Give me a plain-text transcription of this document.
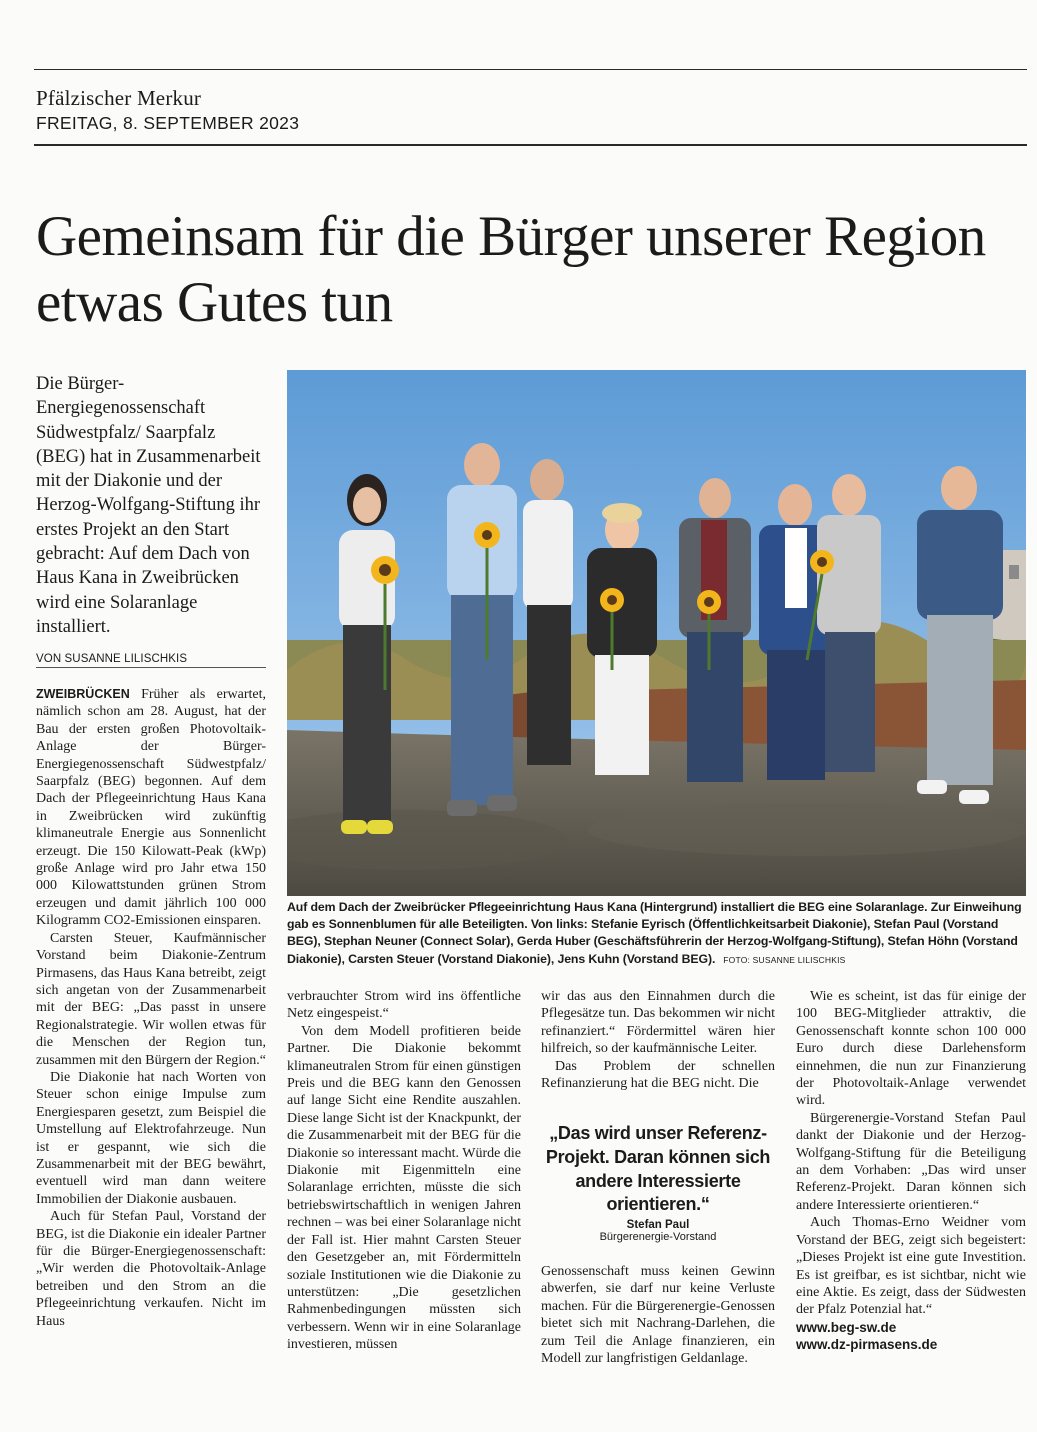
Pfälzischer Merkur
FREITAG, 8. SEPTEMBER 2023
Gemeinsam für die Bürger unserer Region etwas Gutes tun
Die Bürger-Energiegenossenschaft Südwestpfalz/ Saarpfalz (BEG) hat in Zusammenarbeit mit der Diakonie und der Herzog-Wolfgang-Stiftung ihr erstes Projekt an den Start gebracht: Auf dem Dach von Haus Kana in Zweibrücken wird eine Solaranlage installiert.
VON SUSANNE LILISCHKIS

ZWEIBRÜCKEN Früher als erwartet, nämlich schon am 28. August, hat der Bau der ersten großen Photovoltaik-Anlage der Bürger-Energiegenossenschaft Südwestpfalz/ Saarpfalz (BEG) begonnen. Auf dem Dach der Pflegeeinrichtung Haus Kana in Zweibrücken wird zukünftig klimaneutrale Energie aus Sonnenlicht erzeugt. Die 150 Kilowatt-Peak (kWp) große Anlage wird pro Jahr etwa 150 000 Kilowattstunden grünen Strom erzeugen und damit jährlich 100 000 Kilogramm CO2-Emissionen einsparen.

Carsten Steuer, Kaufmännischer Vorstand beim Diakonie-Zentrum Pirmasens, das Haus Kana betreibt, zeigt sich angetan von der Zusammenarbeit mit der BEG: „Das passt in unsere Regionalstrategie. Wir wollen etwas für die Menschen der Region tun, zusammen mit den Bürgern der Region.“

Die Diakonie hat nach Worten von Steuer schon einige Impulse zum Energiesparen gesetzt, zum Beispiel die Umstellung auf Elektrofahrzeuge. Nun ist er gespannt, wie sich die Zusammenarbeit mit der BEG bewährt, eventuell wird man dann weitere Immobilien der Diakonie ausbauen.

Auch für Stefan Paul, Vorstand der BEG, ist die Diakonie ein idealer Partner für die Bürger-Energiegenossenschaft: „Wir werden die Photovoltaik-Anlage betreiben und den Strom an die Pflegeeinrichtung verkaufen. Nicht im Haus

Auf dem Dach der Zweibrücker Pflegeeinrichtung Haus Kana (Hintergrund) installiert die BEG eine Solaranlage. Zur Einweihung gab es Sonnenblumen für alle Beteiligten. Von links: Stefanie Eyrisch (Öffentlichkeitsarbeit Diakonie), Stefan Paul (Vorstand BEG), Stephan Neuner (Connect Solar), Gerda Huber (Geschäftsführerin der Herzog-Wolfgang-Stiftung), Stefan Höhn (Vorstand Diakonie), Carsten Steuer (Vorstand Diakonie), Jens Kuhn (Vorstand BEG). FOTO: SUSANNE LILISCHKIS

verbrauchter Strom wird ins öffentliche Netz eingespeist.“

Von dem Modell profitieren beide Partner. Die Diakonie bekommt klimaneutralen Strom für einen günstigen Preis und die BEG kann den Genossen auf lange Sicht eine Rendite auszahlen. Diese lange Sicht ist der Knackpunkt, der die Zusammenarbeit mit der BEG für die Diakonie so interessant macht. Würde die Diakonie mit Eigenmitteln eine Solaranlage errichten, müsste die sich betriebswirtschaftlich in wenigen Jahren rechnen – was bei einer Solaranlage nicht der Fall ist. Hier mahnt Carsten Steuer den Gesetzgeber an, mit Fördermitteln soziale Institutionen wie die Diakonie zu unterstützen: „Die gesetzlichen Rahmenbedingungen müssten sich verbessern. Wenn wir in eine Solaranlage investieren, müssen

wir das aus den Einnahmen durch die Pflegesätze tun. Das bekommen wir nicht refinanziert.“ Fördermittel wären hier hilfreich, so der kaufmännische Leiter.

Das Problem der schnellen Refinanzierung hat die BEG nicht. Die

„Das wird unser Referenz-Projekt. Daran können sich andere Interessierte orientieren.“
Stefan Paul
Bürgerenergie-Vorstand

Genossenschaft muss keinen Gewinn abwerfen, sie darf nur keine Verluste machen. Für die Bürgerenergie-Genossen bietet sich mit Nachrang-Darlehen, die zum Teil die Anlage finanzieren, ein Modell zur langfristigen Geldanlage.

Wie es scheint, ist das für einige der 100 BEG-Mitglieder attraktiv, die Genossenschaft konnte schon 100 000 Euro durch diese Darlehensform einnehmen, die nun zur Finanzierung der Photovoltaik-Anlage verwendet wird.

Bürgerenergie-Vorstand Stefan Paul dankt der Diakonie und der Herzog-Wolfgang-Stiftung für die Beteiligung an dem Vorhaben: „Das wird unser Referenz-Projekt. Daran können sich andere Interessierte orientieren.“

Auch Thomas-Erno Weidner vom Vorstand der BEG, zeigt sich begeistert: „Dieses Projekt ist eine gute Investition. Es ist greifbar, es ist sichtbar, nicht wie eine Aktie. Es zeigt, dass der Südwesten der Pfalz Potenzial hat.“

www.beg-sw.de
www.dz-pirmasens.de
